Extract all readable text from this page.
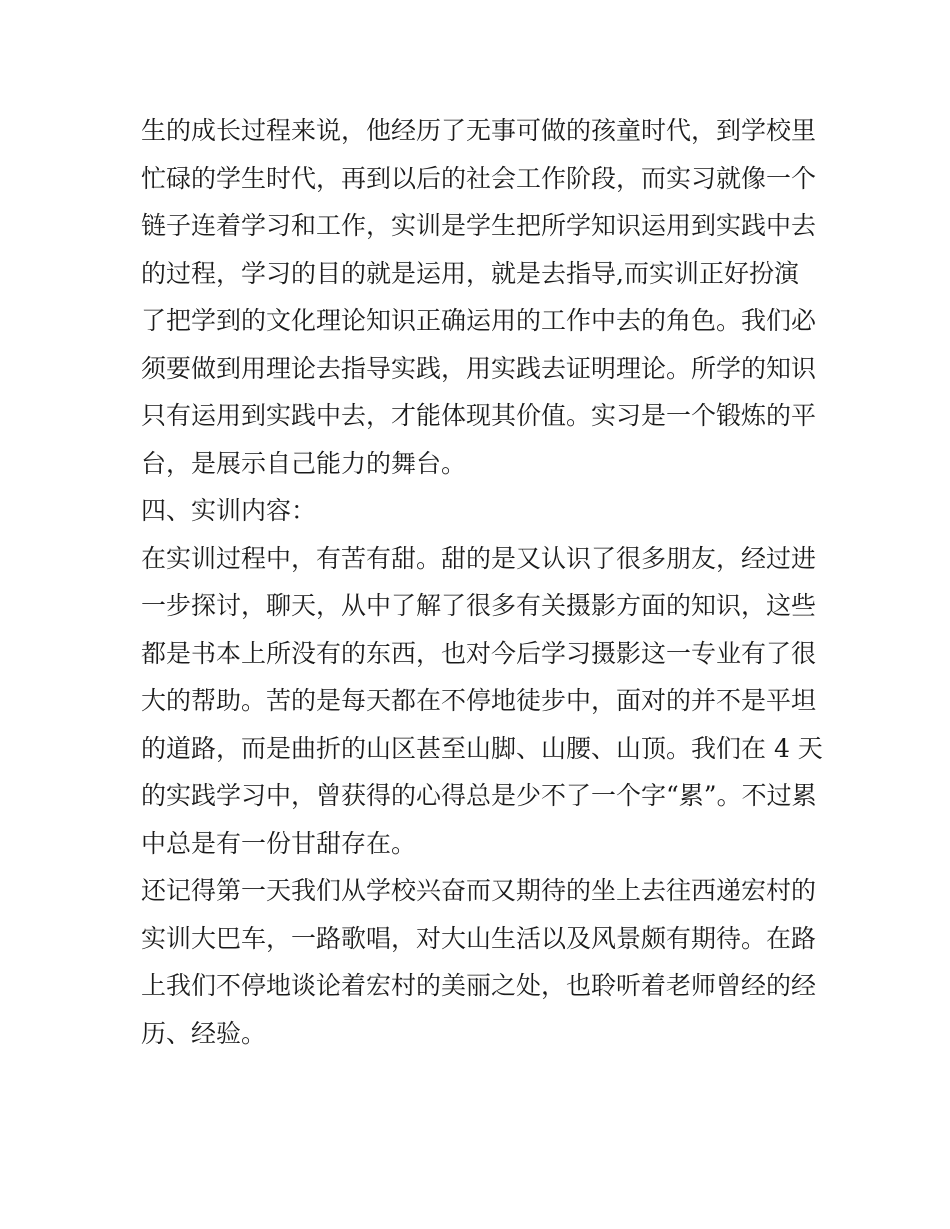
生的成长过程来说，他经历了无事可做的孩童时代，到学校里
忙碌的学生时代，再到以后的社会工作阶段，而实习就像一个
链子连着学习和工作，实训是学生把所学知识运用到实践中去
的过程，学习的目的就是运用，就是去指导,而实训正好扮演
了把学到的文化理论知识正确运用的工作中去的角色。我们必
须要做到用理论去指导实践，用实践去证明理论。所学的知识
只有运用到实践中去，才能体现其价值。实习是一个锻炼的平
台，是展示自己能力的舞台。
四、实训内容：
在实训过程中，有苦有甜。甜的是又认识了很多朋友，经过进
一步探讨，聊天，从中了解了很多有关摄影方面的知识，这些
都是书本上所没有的东西，也对今后学习摄影这一专业有了很
大的帮助。苦的是每天都在不停地徒步中，面对的并不是平坦
的道路，而是曲折的山区甚至山脚、山腰、山顶。我们在 4 天
的实践学习中，曾获得的心得总是少不了一个字“累”。不过累
中总是有一份甘甜存在。
还记得第一天我们从学校兴奋而又期待的坐上去往西递宏村的
实训大巴车，一路歌唱，对大山生活以及风景颇有期待。在路
上我们不停地谈论着宏村的美丽之处，也聆听着老师曾经的经
历、经验。
